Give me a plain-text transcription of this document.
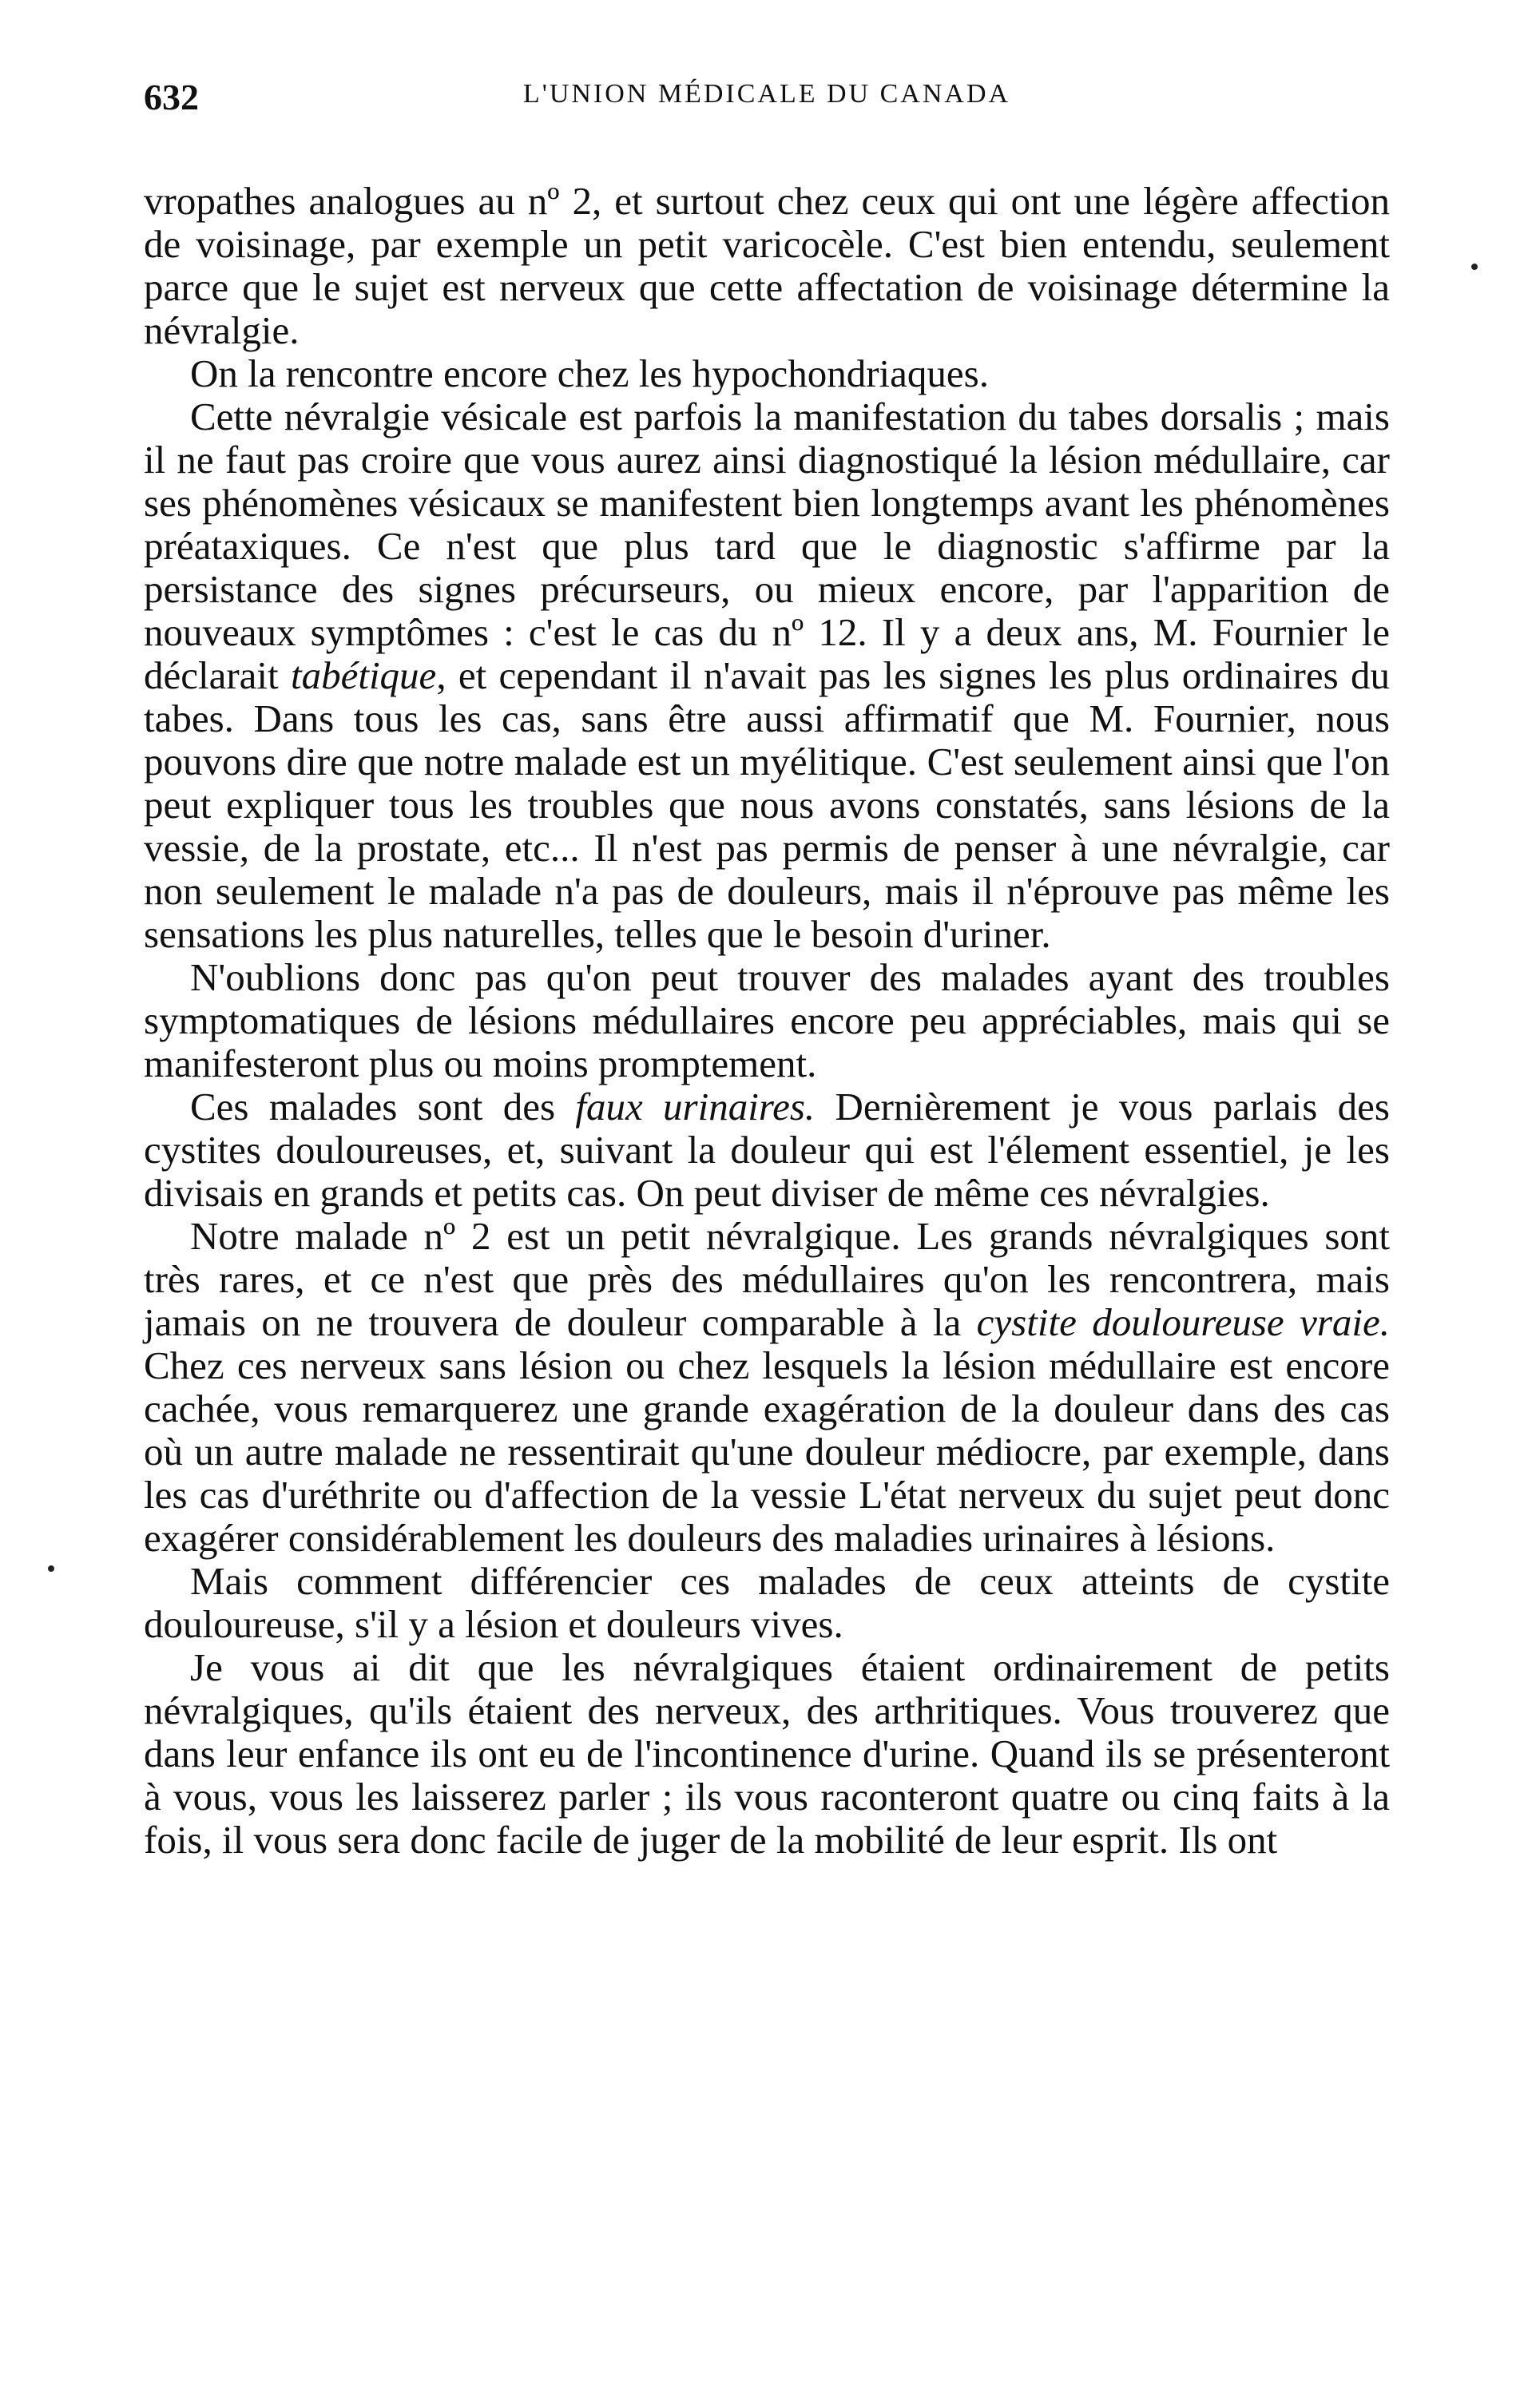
632	L'UNION MÉDICALE DU CANADA

vropathes analogues au nº 2, et surtout chez ceux qui ont une légère affection de voisinage, par exemple un petit varicocèle. C'est bien entendu, seulement parce que le sujet est nerveux que cette affectation de voisinage détermine la névralgie.

On la rencontre encore chez les hypochondriaques.

Cette névralgie vésicale est parfois la manifestation du tabes dorsalis ; mais il ne faut pas croire que vous aurez ainsi diagnostiqué la lésion médullaire, car ses phénomènes vésicaux se manifestent bien longtemps avant les phénomènes préataxiques. Ce n'est que plus tard que le diagnostic s'affirme par la persistance des signes précurseurs, ou mieux encore, par l'apparition de nouveaux symptômes : c'est le cas du nº 12. Il y a deux ans, M. Fournier le déclarait tabétique, et cependant il n'avait pas les signes les plus ordinaires du tabes. Dans tous les cas, sans être aussi affirmatif que M. Fournier, nous pouvons dire que notre malade est un myélitique. C'est seulement ainsi que l'on peut expliquer tous les troubles que nous avons constatés, sans lésions de la vessie, de la prostate, etc... Il n'est pas permis de penser à une névralgie, car non seulement le malade n'a pas de douleurs, mais il n'éprouve pas même les sensations les plus naturelles, telles que le besoin d'uriner.

N'oublions donc pas qu'on peut trouver des malades ayant des troubles symptomatiques de lésions médullaires encore peu appréciables, mais qui se manifesteront plus ou moins promptement.

Ces malades sont des faux urinaires. Dernièrement je vous parlais des cystites douloureuses, et, suivant la douleur qui est l'élement essentiel, je les divisais en grands et petits cas. On peut diviser de même ces névralgies.

Notre malade nº 2 est un petit névralgique. Les grands névralgiques sont très rares, et ce n'est que près des médullaires qu'on les rencontrera, mais jamais on ne trouvera de douleur comparable à la cystite douloureuse vraie. Chez ces nerveux sans lésion ou chez lesquels la lésion médullaire est encore cachée, vous remarquerez une grande exagération de la douleur dans des cas où un autre malade ne ressentirait qu'une douleur médiocre, par exemple, dans les cas d'uréthrite ou d'affection de la vessie L'état nerveux du sujet peut donc exagérer considérablement les douleurs des maladies urinaires à lésions.

Mais comment différencier ces malades de ceux atteints de cystite douloureuse, s'il y a lésion et douleurs vives.

Je vous ai dit que les névralgiques étaient ordinairement de petits névralgiques, qu'ils étaient des nerveux, des arthritiques. Vous trouverez que dans leur enfance ils ont eu de l'incontinence d'urine. Quand ils se présenteront à vous, vous les laisserez parler ; ils vous raconteront quatre ou cinq faits à la fois, il vous sera donc facile de juger de la mobilité de leur esprit. Ils ont
